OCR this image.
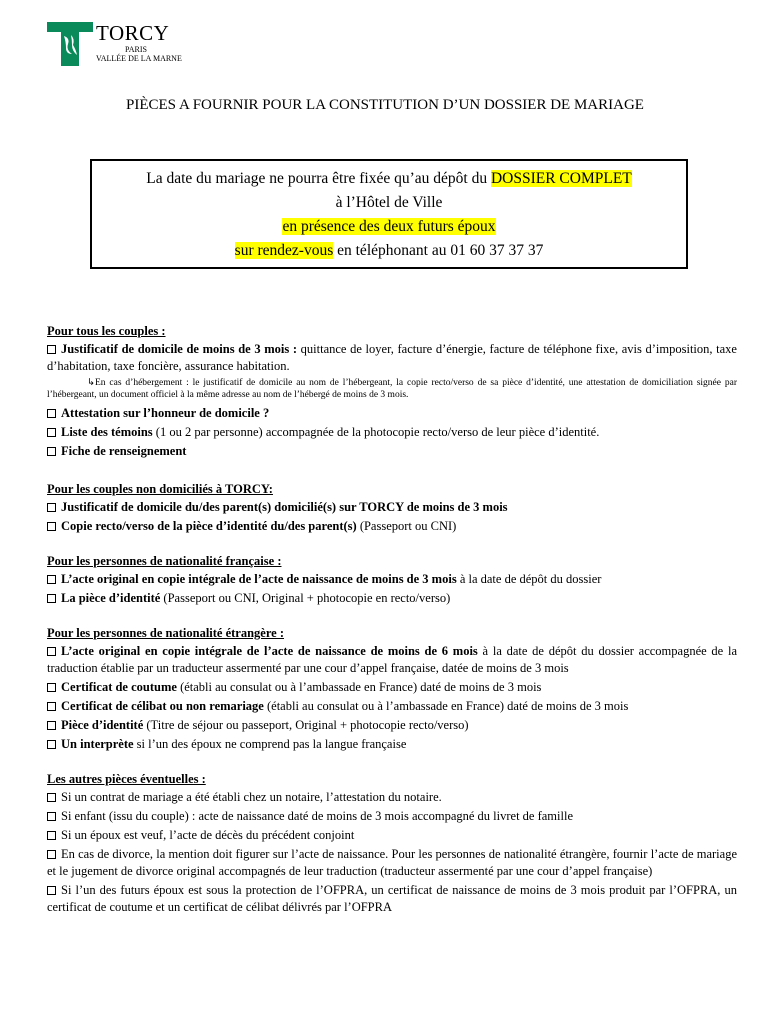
TORCY
PARIS
VALLÉE DE LA MARNE
PIÈCES A FOURNIR POUR LA CONSTITUTION D’UN DOSSIER DE MARIAGE
La date du mariage ne pourra être fixée qu’au dépôt du DOSSIER COMPLET
à l’Hôtel de Ville
en présence des deux futurs époux
sur rendez-vous en téléphonant au 01 60 37 37 37
Pour tous les couples :
Justificatif de domicile de moins de 3 mois : quittance de loyer, facture d’énergie, facture de téléphone fixe, avis d’imposition, taxe d’habitation, taxe foncière, assurance habitation.
↳En cas d’hébergement : le justificatif de domicile au nom de l’hébergeant, la copie recto/verso de sa pièce d’identité, une attestation de domiciliation signée par l’hébergeant, un document officiel à la même adresse au nom de l’hébergé de moins de 3 mois.
Attestation sur l’honneur de domicile ?
Liste des témoins (1 ou 2 par personne) accompagnée de la photocopie recto/verso de leur pièce d’identité.
Fiche de renseignement
Pour les couples non domiciliés à TORCY:
Justificatif de domicile du/des parent(s) domicilié(s) sur TORCY de moins de 3 mois
Copie recto/verso de la pièce d’identité du/des parent(s) (Passeport ou CNI)
Pour les personnes de nationalité française :
L’acte original en copie intégrale de l’acte de naissance de moins de 3 mois à la date de dépôt du dossier
La pièce d’identité (Passeport ou CNI, Original + photocopie en recto/verso)
Pour les personnes de nationalité étrangère :
L’acte original en copie intégrale de l’acte de naissance de moins de 6 mois à la date de dépôt du dossier accompagnée de la traduction établie par un traducteur assermenté par une cour d’appel française, datée de moins de 3 mois
Certificat de coutume (établi au consulat ou à l’ambassade en France) daté de moins de 3 mois
Certificat de célibat ou non remariage (établi au consulat ou à l’ambassade en France) daté de moins de 3 mois
Pièce d’identité (Titre de séjour ou passeport, Original + photocopie recto/verso)
Un interprète si l’un des époux ne comprend pas la langue française
Les autres pièces éventuelles :
Si un contrat de mariage a été établi chez un notaire, l’attestation du notaire.
Si enfant (issu du couple) : acte de naissance daté de moins de 3 mois accompagné du livret de famille
Si un époux est veuf, l’acte de décès du précédent conjoint
En cas de divorce, la mention doit figurer sur l’acte de naissance. Pour les personnes de nationalité étrangère, fournir l’acte de mariage et le jugement de divorce original accompagnés de leur traduction (traducteur assermenté par une cour d’appel française)
Si l’un des futurs époux est sous la protection de l’OFPRA, un certificat de naissance de moins de 3 mois produit par l’OFPRA, un certificat de coutume et un certificat de célibat délivrés par l’OFPRA
